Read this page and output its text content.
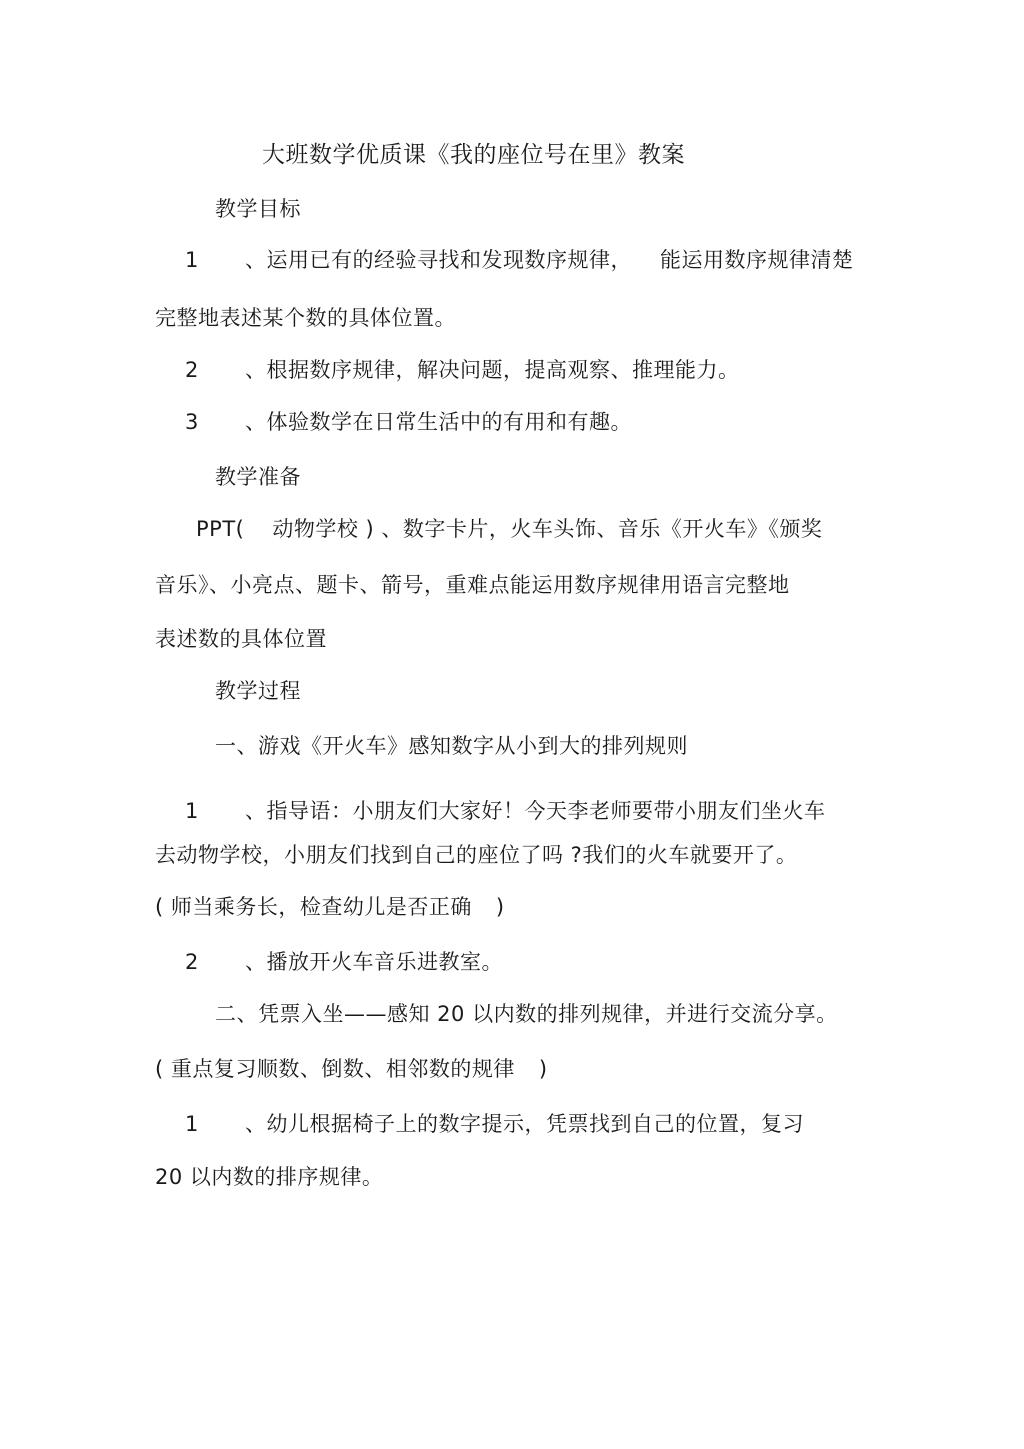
大班数学优质课《我的座位号在里》教案
教学目标
1 、运用已有的经验寻找和发现数序规律， 能运用数序规律清楚
完整地表述某个数的具体位置。
2 、根据数序规律，解决问题，提高观察、推理能力。
3 、体验数学在日常生活中的有用和有趣。
教学准备
PPT( 动物学校 ) 、数字卡片，火车头饰、音乐《开火车》《颁奖
音乐》、小亮点、题卡、箭号，重难点能运用数序规律用语言完整地
表述数的具体位置
教学过程
一、游戏《开火车》感知数字从小到大的排列规则
1 、指导语：小朋友们大家好！今天李老师要带小朋友们坐火车
去动物学校，小朋友们找到自己的座位了吗 ?我们的火车就要开了。
( 师当乘务长，检查幼儿是否正确 )
2 、播放开火车音乐进教室。
二、凭票入坐——感知 20 以内数的排列规律，并进行交流分享。
( 重点复习顺数、倒数、相邻数的规律 )
1 、幼儿根据椅子上的数字提示，凭票找到自己的位置，复习
20 以内数的排序规律。
